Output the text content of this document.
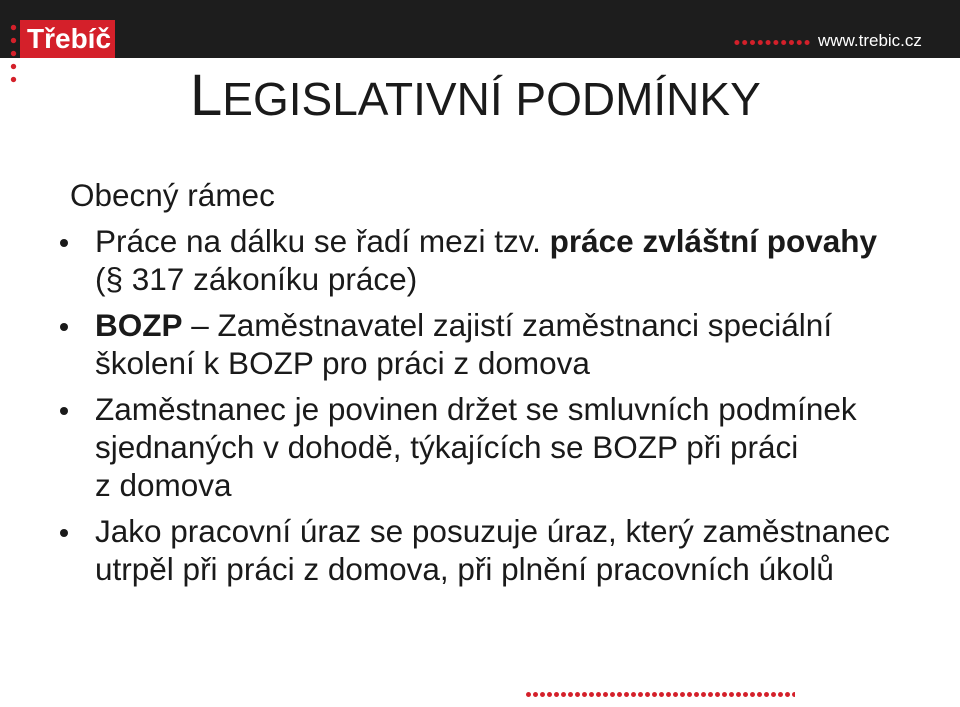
Třebíč	www.trebic.cz
LEGISLATIVNÍ PODMÍNKY
Obecný rámec
Práce na dálku se řadí mezi tzv. práce zvláštní povahy
(§ 317 zákoníku práce)
BOZP – Zaměstnavatel zajistí zaměstnanci speciální
školení k BOZP pro práci z domova
Zaměstnanec je povinen držet se smluvních podmínek
sjednaných v dohodě, týkajících se BOZP při práci
z domova
Jako pracovní úraz se posuzuje úraz, který zaměstnanec
utrpěl při práci z domova, při plnění pracovních úkolů
